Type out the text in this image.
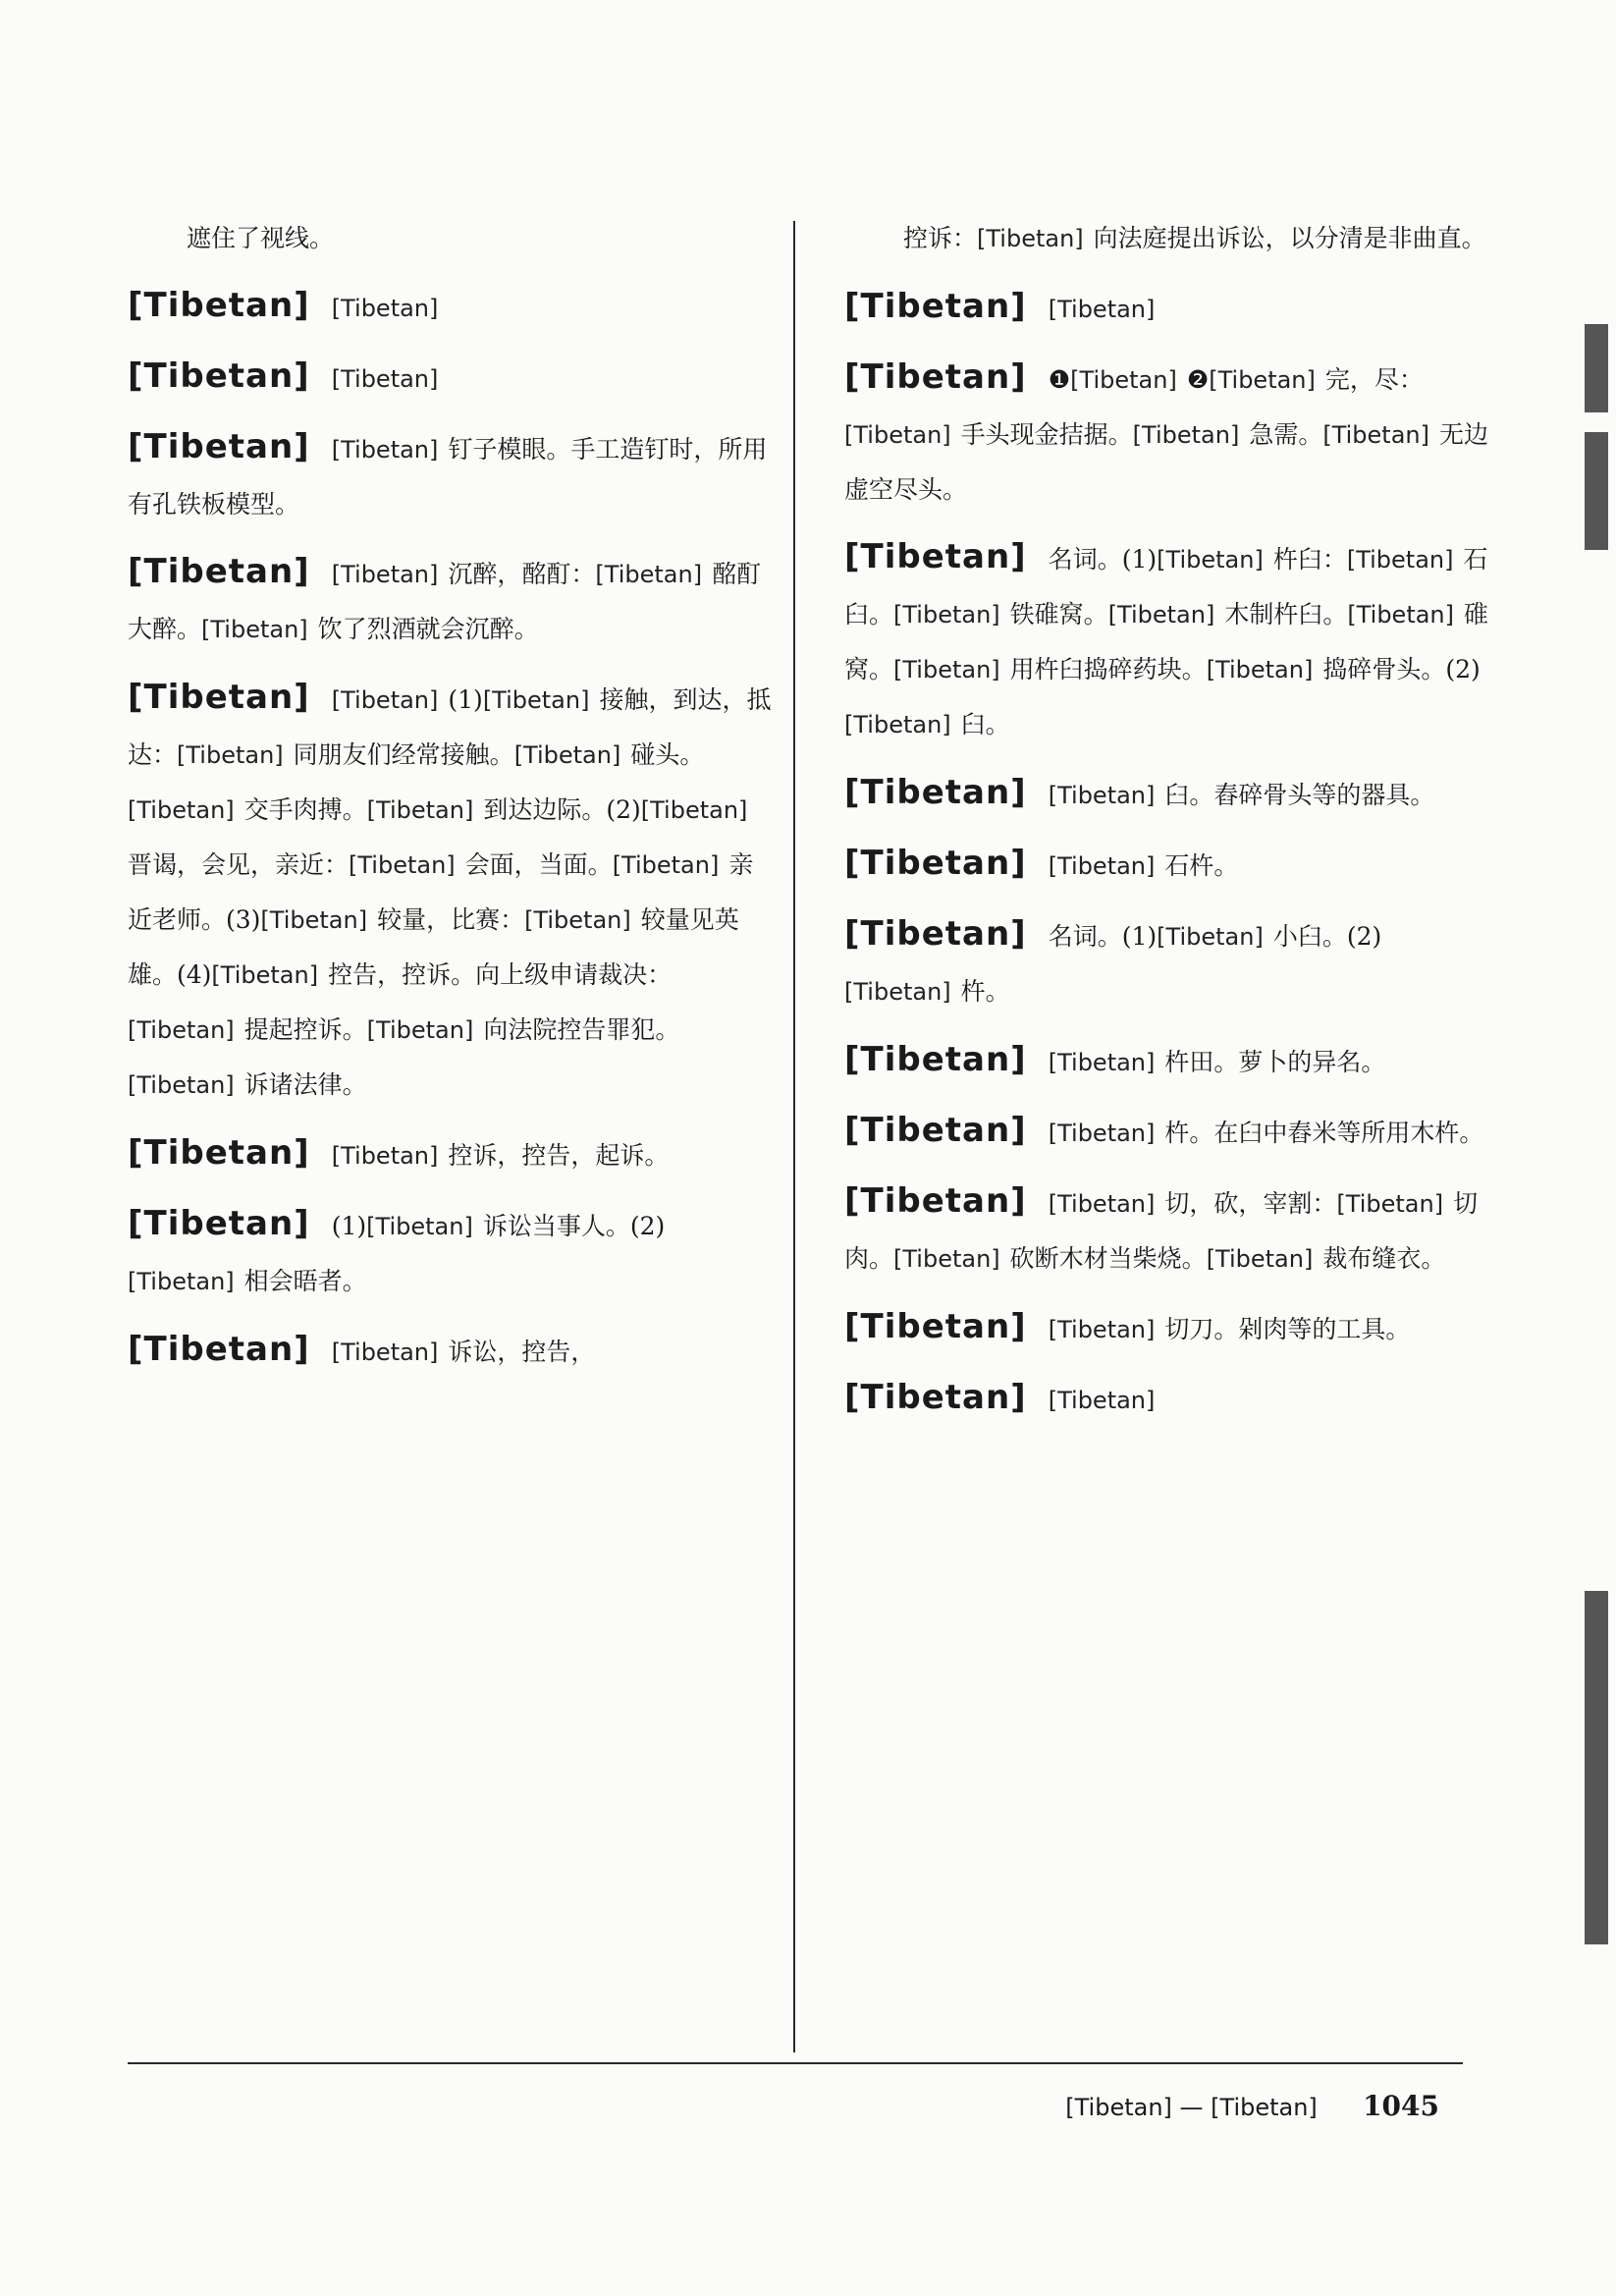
遮住了视线。
[Tibetan] [Tibetan]
[Tibetan] [Tibetan]
[Tibetan] [Tibetan] 钉子模眼。手工造钉时，所用有孔铁板模型。
[Tibetan] [Tibetan] 沉醉，酩酊：[Tibetan] 酩酊大醉。[Tibetan] 饮了烈酒就会沉醉。
[Tibetan] [Tibetan] (1)[Tibetan] 接触，到达，抵达：[Tibetan] 同朋友们经常接触。[Tibetan] 碰头。[Tibetan] 交手肉搏。[Tibetan] 到达边际。(2)[Tibetan]晋谒，会见，亲近：[Tibetan] 会面，当面。[Tibetan] 亲近老师。(3)[Tibetan] 较量，比赛：[Tibetan] 较量见英雄。(4)[Tibetan] 控告，控诉。向上级申请裁决：[Tibetan] 提起控诉。[Tibetan] 向法院控告罪犯。[Tibetan] 诉诸法律。
[Tibetan] [Tibetan] 控诉，控告，起诉。
[Tibetan] (1)[Tibetan] 诉讼当事人。(2)[Tibetan] 相会晤者。
[Tibetan] [Tibetan] 诉讼，控告，
控诉：[Tibetan] 向法庭提出诉讼，以分清是非曲直。
[Tibetan] [Tibetan]
[Tibetan] ❶[Tibetan] ❷[Tibetan] 完，尽：[Tibetan] 手头现金拮据。[Tibetan] 急需。[Tibetan] 无边虚空尽头。
[Tibetan] 名词。(1)[Tibetan] 杵臼：[Tibetan] 石臼。[Tibetan] 铁碓窝。[Tibetan] 木制杵臼。[Tibetan] 碓窝。[Tibetan] 用杵臼捣碎药块。[Tibetan] 捣碎骨头。(2)[Tibetan] 臼。
[Tibetan] [Tibetan] 臼。舂碎骨头等的器具。
[Tibetan] [Tibetan] 石杵。
[Tibetan] 名词。(1)[Tibetan] 小臼。(2)[Tibetan] 杵。
[Tibetan] [Tibetan] 杵田。萝卜的异名。
[Tibetan] [Tibetan] 杵。在臼中舂米等所用木杵。
[Tibetan] [Tibetan] 切，砍，宰割：[Tibetan] 切肉。[Tibetan] 砍断木材当柴烧。[Tibetan] 裁布缝衣。
[Tibetan] [Tibetan] 切刀。剁肉等的工具。
[Tibetan] [Tibetan]
[Tibetan] — [Tibetan] 1045
